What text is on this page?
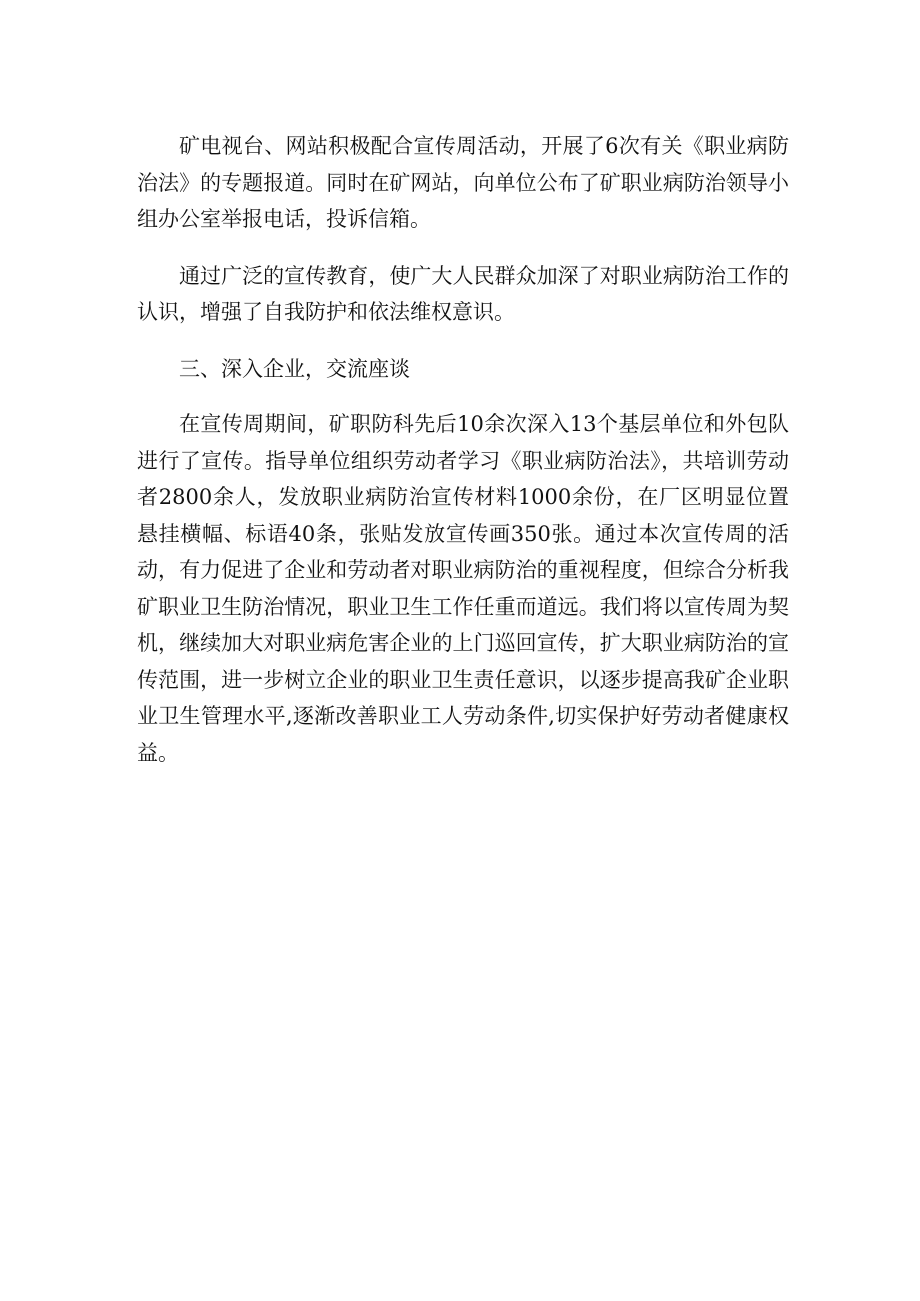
矿电视台、网站积极配合宣传周活动，开展了6次有关《职业病防治法》的专题报道。同时在矿网站，向单位公布了矿职业病防治领导小组办公室举报电话，投诉信箱。

通过广泛的宣传教育，使广大人民群众加深了对职业病防治工作的认识，增强了自我防护和依法维权意识。

三、深入企业，交流座谈

在宣传周期间，矿职防科先后10余次深入13个基层单位和外包队进行了宣传。指导单位组织劳动者学习《职业病防治法》，共培训劳动者2800余人，发放职业病防治宣传材料1000余份，在厂区明显位置悬挂横幅、标语40条，张贴发放宣传画350张。通过本次宣传周的活动，有力促进了企业和劳动者对职业病防治的重视程度，但综合分析我矿职业卫生防治情况，职业卫生工作任重而道远。我们将以宣传周为契机，继续加大对职业病危害企业的上门巡回宣传，扩大职业病防治的宣传范围，进一步树立企业的职业卫生责任意识，以逐步提高我矿企业职业卫生管理水平,逐渐改善职业工人劳动条件,切实保护好劳动者健康权益。
